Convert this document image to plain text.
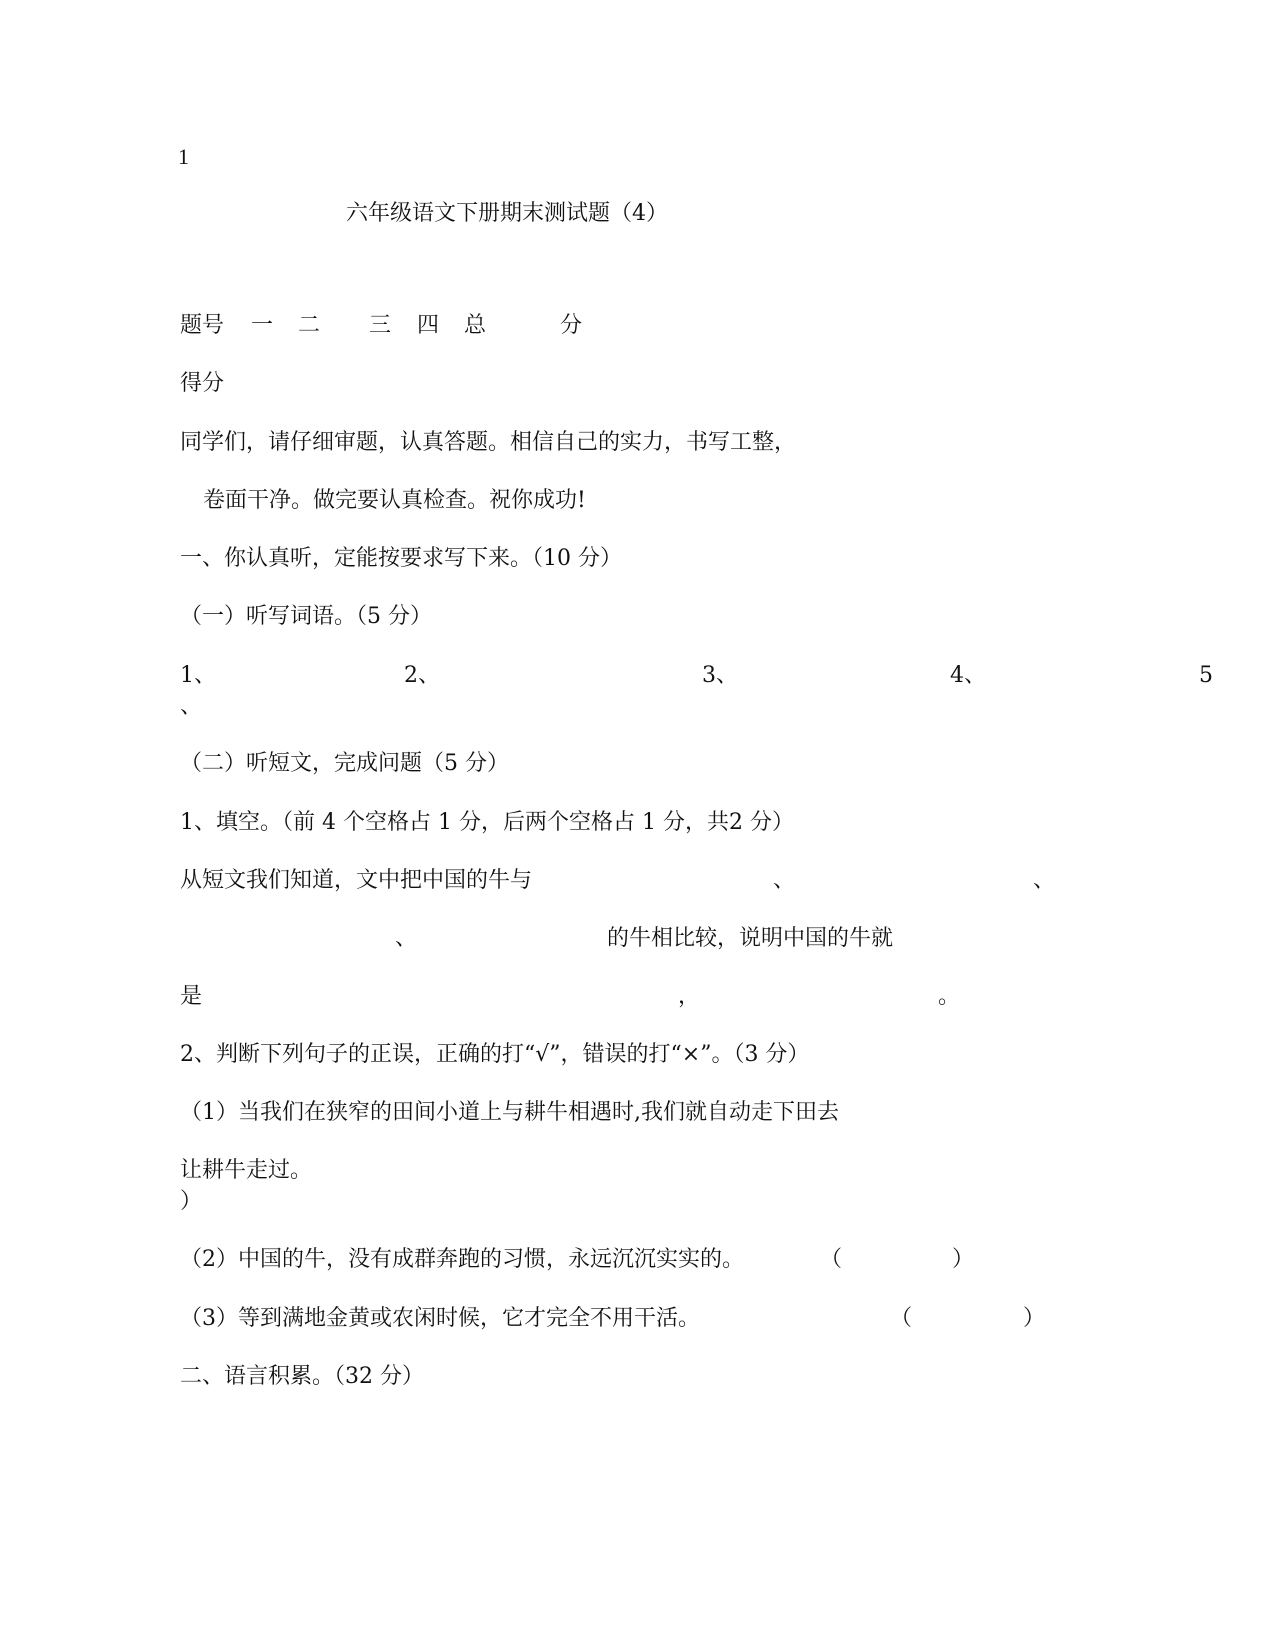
1
六年级语文下册期末测试题（4）
题号 一 二 三 四 总	分
得分
同学们，请仔细审题，认真答题。相信自己的实力，书写工整，
卷面干净。做完要认真检查。祝你成功!
一、你认真听，定能按要求写下来。（10 分）
（一）听写词语。（5 分）
1、	2、	3、	4、	5
、
（二）听短文，完成问题（5 分）
1、填空。（前 4 个空格占 1 分，后两个空格占 1 分，共2 分）
从短文我们知道，文中把中国的牛与	、	、
、	的牛相比较，说明中国的牛就
是	，	。
2、判断下列句子的正误，正确的打“√”，错误的打“×”。（3 分）
（1）当我们在狭窄的田间小道上与耕牛相遇时,我们就自动走下田去
让耕牛走过。
）
（2）中国的牛，没有成群奔跑的习惯，永远沉沉实实的。	（	）
（3）等到满地金黄或农闲时候，它才完全不用干活。	（	）
二、语言积累。（32 分）
